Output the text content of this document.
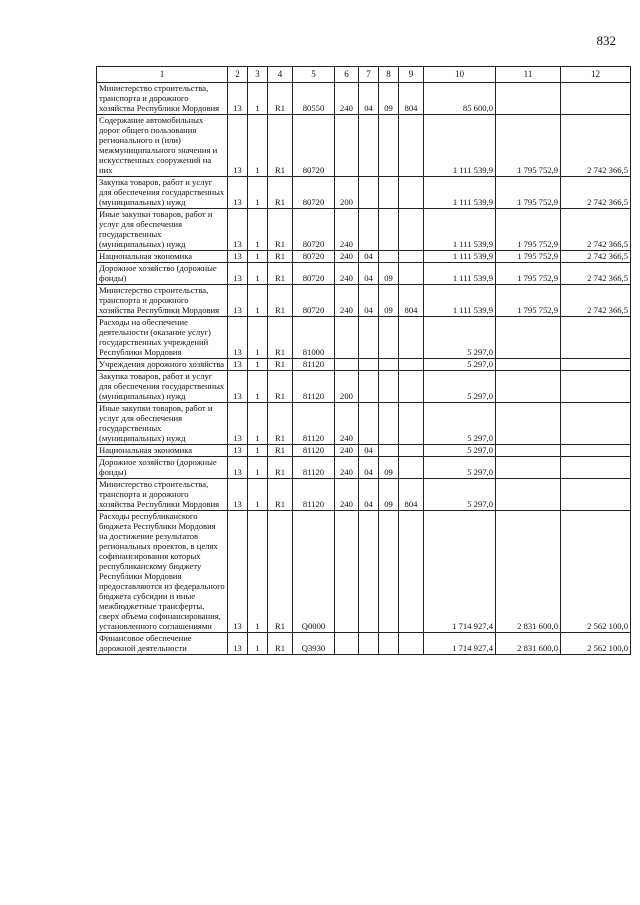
832
1	2	3	4	5	6	7	8	9	10	11	12
Министерство строительства, транспорта и дорожного хозяйства Республики Мордовия	13	1	R1	80550	240	04	09	804	85 600,0		
Содержание автомобильных дорог общего пользования регионального и (или) межмуниципального значения и искусственных сооружений на них	13	1	R1	80720					1 111 539,9	1 795 752,9	2 742 366,5
Закупка товаров, работ и услуг для обеспечения государственных (муниципальных) нужд	13	1	R1	80720	200				1 111 539,9	1 795 752,9	2 742 366,5
Иные закупки товаров, работ и услуг для обеспечения государственных (муниципальных) нужд	13	1	R1	80720	240				1 111 539,9	1 795 752,9	2 742 366,5
Национальная экономика	13	1	R1	80720	240	04			1 111 539,9	1 795 752,9	2 742 366,5
Дорожное хозяйство (дорожные фонды)	13	1	R1	80720	240	04	09		1 111 539,9	1 795 752,9	2 742 366,5
Министерство строительства, транспорта и дорожного хозяйства Республики Мордовия	13	1	R1	80720	240	04	09	804	1 111 539,9	1 795 752,9	2 742 366,5
Расходы на обеспечение деятельности (оказание услуг) государственных учреждений Республики Мордовия	13	1	R1	81000					5 297,0		
Учреждения дорожного хозяйства	13	1	R1	81120					5 297,0		
Закупка товаров, работ и услуг для обеспечения государственных (муниципальных) нужд	13	1	R1	81120	200				5 297,0		
Иные закупки товаров, работ и услуг для обеспечения государственных (муниципальных) нужд	13	1	R1	81120	240				5 297,0		
Национальная экономика	13	1	R1	81120	240	04			5 297,0		
Дорожное хозяйство (дорожные фонды)	13	1	R1	81120	240	04	09		5 297,0		
Министерство строительства, транспорта и дорожного хозяйства Республики Мордовия	13	1	R1	81120	240	04	09	804	5 297,0		
Расходы республиканского бюджета Республики Мордовия на достижение результатов региональных проектов, в целях софинансирования которых республиканскому бюджету Республики Мордовия предоставляются из федерального бюджета субсидии и иные межбюджетные трансферты, сверх объема софинансирования, установленного соглашениями	13	1	R1	Q0000					1 714 927,4	2 831 600,0	2 562 100,0
Финансовое обеспечение дорожной деятельности	13	1	R1	Q3930					1 714 927,4	2 831 600,0	2 562 100,0
